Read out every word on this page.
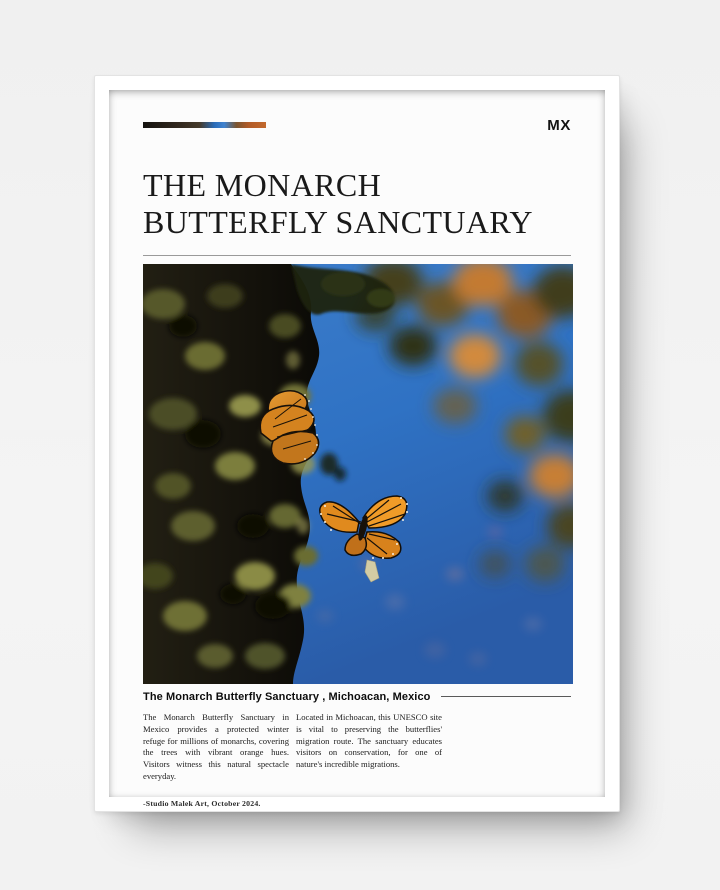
MX
THE MONARCH
BUTTERFLY SANCTUARY
The Monarch Butterfly Sanctuary , Michoacan, Mexico

The Monarch Butterfly Sanctuary in Mexico provides a protected winter refuge for millions of monarchs, covering the trees with vibrant orange hues. Visitors witness this natural spectacle everyday.

Located in Michoacan, this UNESCO site is vital to preserving the butterflies' migration route. The sanctuary educates visitors on conservation, for one of nature's incredible migrations.

-Studio Malek Art, October 2024.
